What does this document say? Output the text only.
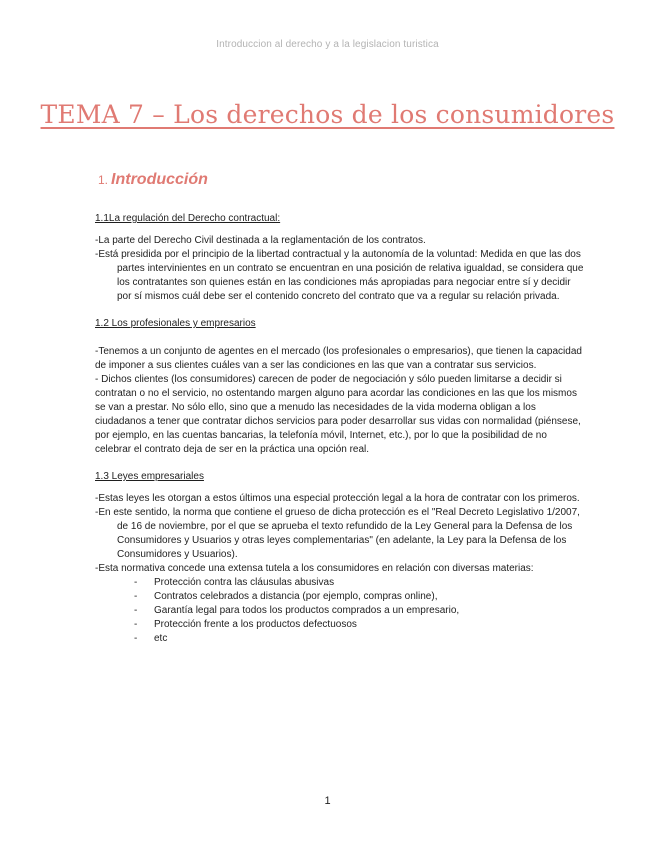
Introduccion al derecho y a la legislacion turistica
TEMA 7 – Los derechos de los consumidores
1. Introducción
1.1La regulación del Derecho contractual:

-La parte del Derecho Civil destinada a la reglamentación de los contratos.

-Está presidida por el principio de la libertad contractual y la autonomía de la voluntad: Medida en que las dos partes intervinientes en un contrato se encuentran en una posición de relativa igualdad, se considera que los contratantes son quienes están en las condiciones más apropiadas para negociar entre sí y decidir por sí mismos cuál debe ser el contenido concreto del contrato que va a regular su relación privada.

1.2 Los profesionales y empresarios

-Tenemos a un conjunto de agentes en el mercado (los profesionales o empresarios), que tienen la capacidad de imponer a sus clientes cuáles van a ser las condiciones en las que van a contratar sus servicios.

- Dichos clientes (los consumidores) carecen de poder de negociación y sólo pueden limitarse a decidir si contratan o no el servicio, no ostentando margen alguno para acordar las condiciones en las que los mismos se van a prestar. No sólo ello, sino que a menudo las necesidades de la vida moderna obligan a los ciudadanos a tener que contratar dichos servicios para poder desarrollar sus vidas con normalidad (piénsese, por ejemplo, en las cuentas bancarias, la telefonía móvil, Internet, etc.), por lo que la posibilidad de no celebrar el contrato deja de ser en la práctica una opción real.

1.3 Leyes empresariales

-Estas leyes les otorgan a estos últimos una especial protección legal a la hora de contratar con los primeros.

-En este sentido, la norma que contiene el grueso de dicha protección es el "Real Decreto Legislativo 1/2007, de 16 de noviembre, por el que se aprueba el texto refundido de la Ley General para la Defensa de los Consumidores y Usuarios y otras leyes complementarias" (en adelante, la Ley para la Defensa de los Consumidores y Usuarios).

-Esta normativa concede una extensa tutela a los consumidores en relación con diversas materias:

-	Protección contra las cláusulas abusivas
-	Contratos celebrados a distancia (por ejemplo, compras online),
-	Garantía legal para todos los productos comprados a un empresario,
-	Protección frente a los productos defectuosos
-	etc
1
